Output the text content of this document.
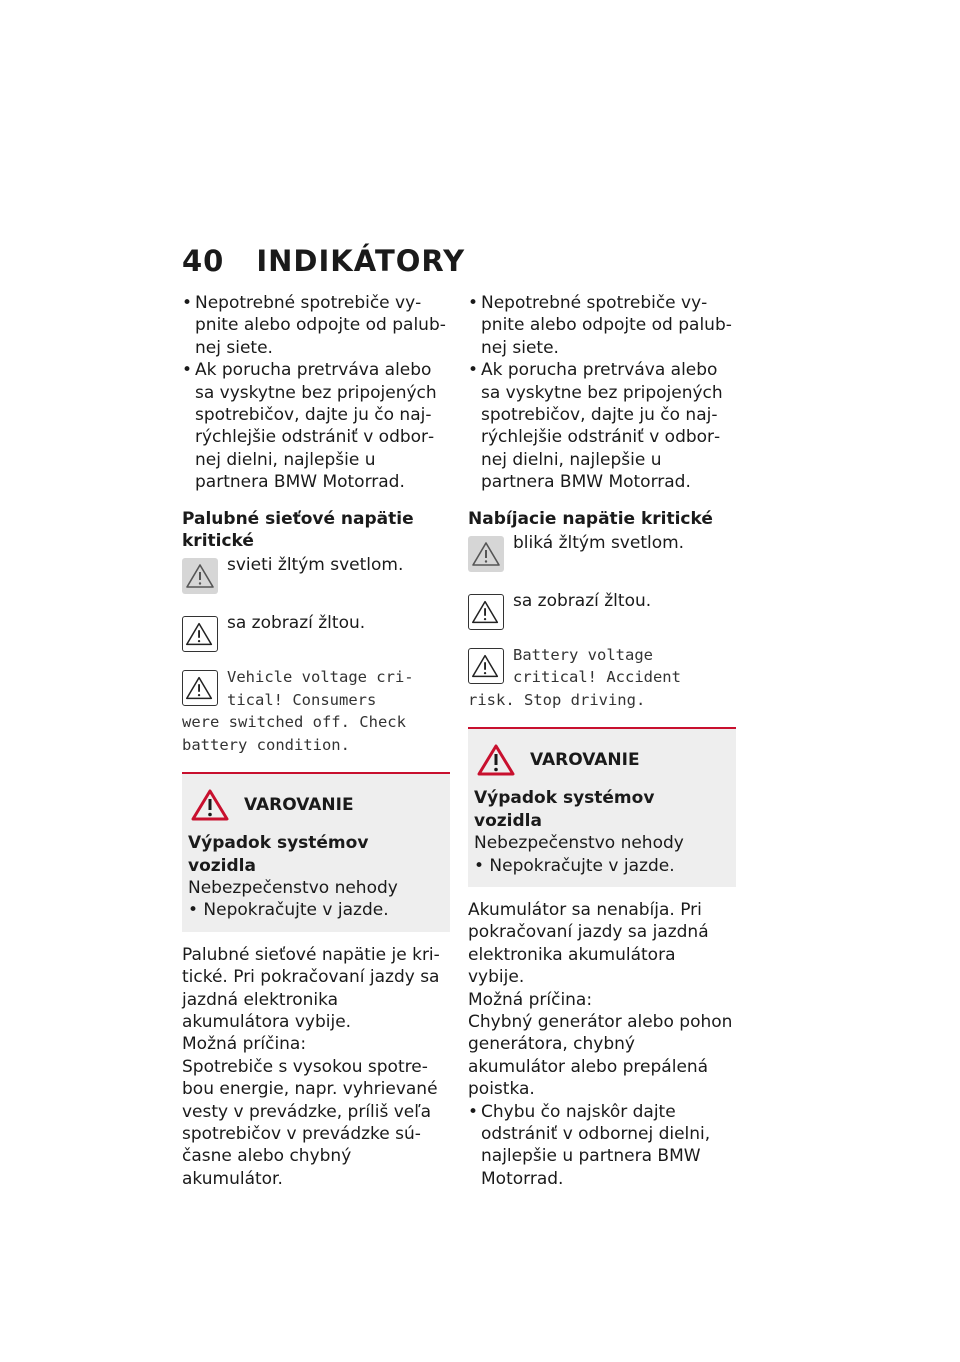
40 INDIKÁTORY
• Nepotrebné spotrebiče vypnite alebo odpojte od palubnej siete.
• Ak porucha pretrváva alebo sa vyskytne bez pripojených spotrebičov, dajte ju čo najrýchlejšie odstrániť v odbornej dielni, najlepšie u partnera BMW Motorrad.
Palubné sieťové napätie kritické
svieti žltým svetlom.
sa zobrazí žltou.
Vehicle voltage cri-tical! Consumers
were switched off. Check battery condition.
VAROVANIE
Výpadok systémov vozidla
Nebezpečenstvo nehody
• Nepokračujte v jazde.
Palubné sieťové napätie je kritické. Pri pokračovaní jazdy sa jazdná elektronika akumulátora vybije.
Možná príčina:
Spotrebiče s vysokou spotrebou energie, napr. vyhrievané vesty v prevádzke, príliš veľa spotrebičov v prevádzke súčasne alebo chybný akumulátor.
• Nepotrebné spotrebiče vypnite alebo odpojte od palubnej siete.
• Ak porucha pretrváva alebo sa vyskytne bez pripojených spotrebičov, dajte ju čo najrýchlejšie odstrániť v odbornej dielni, najlepšie u partnera BMW Motorrad.
Nabíjacie napätie kritické
bliká žltým svetlom.
sa zobrazí žltou.
Battery voltage critical! Accident
risk. Stop driving.
VAROVANIE
Výpadok systémov vozidla
Nebezpečenstvo nehody
• Nepokračujte v jazde.
Akumulátor sa nenabíja. Pri pokračovaní jazdy sa jazdná elektronika akumulátora vybije.
Možná príčina:
Chybný generátor alebo pohon generátora, chybný akumulátor alebo prepálená poistka.
• Chybu čo najskôr dajte odstrániť v odbornej dielni, najlepšie u partnera BMW Motorrad.
